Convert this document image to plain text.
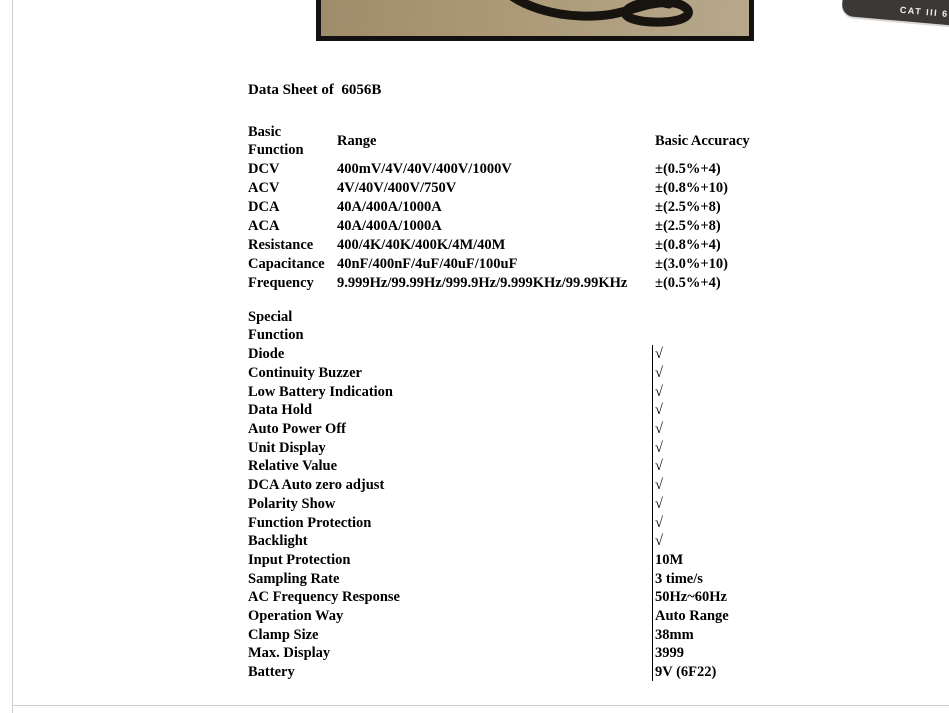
CAT III 6
Data Sheet of  6056B
Basic
Function	Range	Basic Accuracy
DCV	400mV/4V/40V/400V/1000V	±(0.5%+4)
ACV	4V/40V/400V/750V	±(0.8%+10)
DCA	40A/400A/1000A	±(2.5%+8)
ACA	40A/400A/1000A	±(2.5%+8)
Resistance	400/4K/40K/400K/4M/40M	±(0.8%+4)
Capacitance	40nF/400nF/4uF/40uF/100uF	±(3.0%+10)
Frequency	9.999Hz/99.99Hz/999.9Hz/9.999KHz/99.99KHz	±(0.5%+4)
Special
Function	
Diode	√
Continuity Buzzer	√
Low Battery Indication	√
Data Hold	√
Auto Power Off	√
Unit Display	√
Relative Value	√
DCA Auto zero adjust	√
Polarity Show	√
Function Protection	√
Backlight	√
Input Protection	10M
Sampling Rate	3 time/s
AC Frequency Response	50Hz~60Hz
Operation Way	Auto Range
Clamp Size	38mm
Max. Display	3999
Battery	9V (6F22)
